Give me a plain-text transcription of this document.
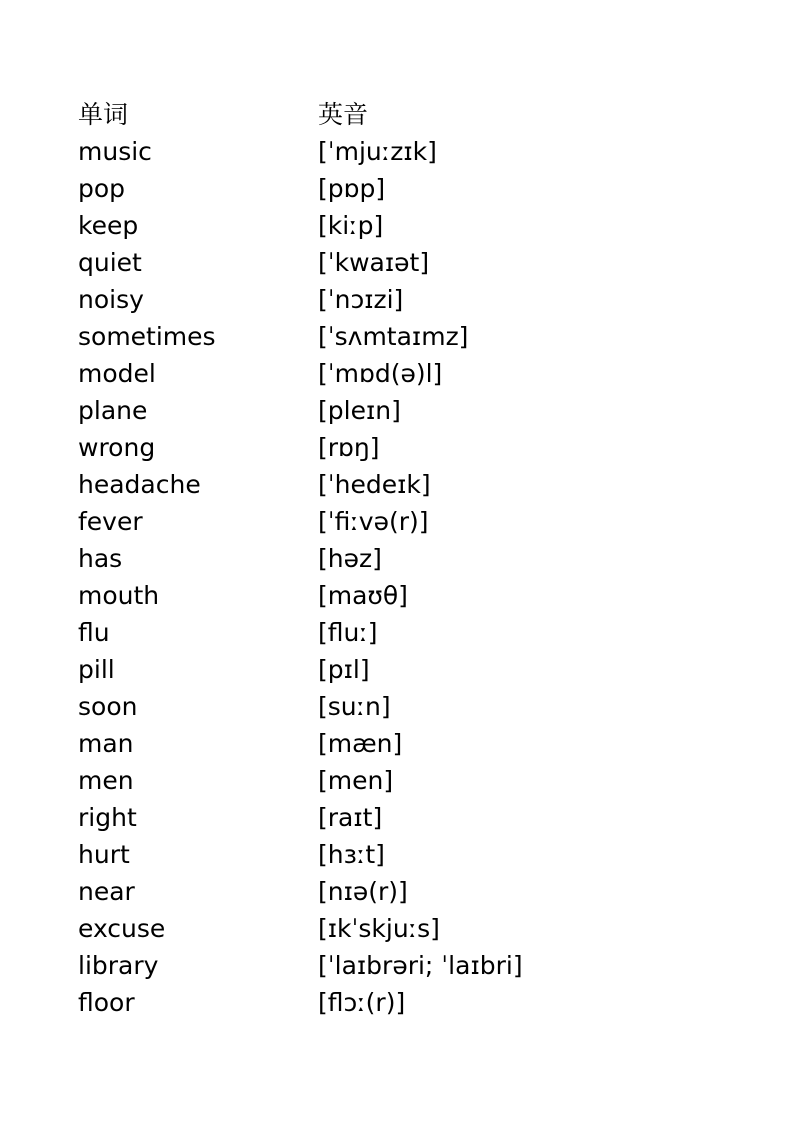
单词	英音
music	[ˈmjuːzɪk]
pop	[pɒp]
keep	[kiːp]
quiet	[ˈkwaɪət]
noisy	[ˈnɔɪzi]
sometimes	[ˈsʌmtaɪmz]
model	[ˈmɒd(ə)l]
plane	[pleɪn]
wrong	[rɒŋ]
headache	[ˈhedeɪk]
fever	[ˈfiːvə(r)]
has	[həz]
mouth	[maʊθ]
flu	[fluː]
pill	[pɪl]
soon	[suːn]
man	[mæn]
men	[men]
right	[raɪt]
hurt	[hɜːt]
near	[nɪə(r)]
excuse	[ɪkˈskjuːs]
library	[ˈlaɪbrəri; ˈlaɪbri]
floor	[flɔː(r)]
